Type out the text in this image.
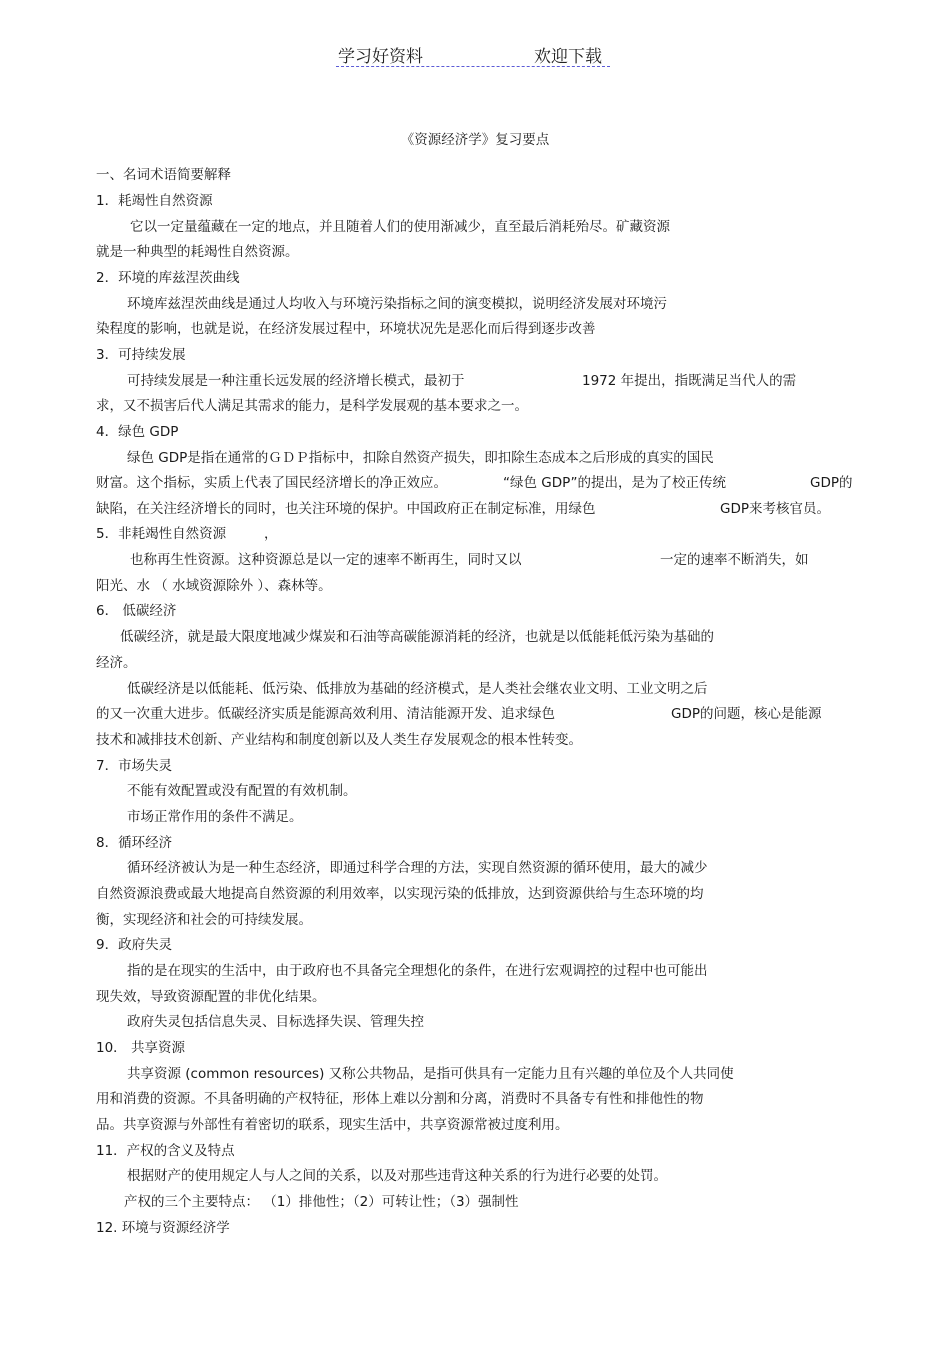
学习好资料	欢迎下载
《资源经济学》复习要点
一、名词术语简要解释
1．耗竭性自然资源
它以一定量蕴藏在一定的地点，并且随着人们的使用渐减少，直至最后消耗殆尽。矿藏资源
就是一种典型的耗竭性自然资源。
2．环境的库兹涅茨曲线
环境库兹涅茨曲线是通过人均收入与环境污染指标之间的演变模拟，说明经济发展对环境污
染程度的影响，也就是说，在经济发展过程中，环境状况先是恶化而后得到逐步改善
3．可持续发展
可持续发展是一种注重长远发展的经济增长模式，最初于	1972 年提出，指既满足当代人的需
求，又不损害后代人满足其需求的能力，是科学发展观的基本要求之一。
4．绿色 GDP
绿色 GDP是指在通常的ＧＤＰ指标中，扣除自然资产损失，即扣除生态成本之后形成的真实的国民
财富。这个指标，实质上代表了国民经济增长的净正效应。	“绿色 GDP”的提出，是为了校正传统	GDP的
缺陷，在关注经济增长的同时，也关注环境的保护。中国政府正在制定标准，用绿色	GDP来考核官员。
5．非耗竭性自然资源	，
也称再生性资源。这种资源总是以一定的速率不断再生，同时又以	一定的速率不断消失，如
阳光、水 （ 水域资源除外 ）、森林等。
6． 低碳经济
低碳经济，就是最大限度地减少煤炭和石油等高碳能源消耗的经济，也就是以低能耗低污染为基础的
经济。
低碳经济是以低能耗、低污染、低排放为基础的经济模式，是人类社会继农业文明、工业文明之后
的又一次重大进步。低碳经济实质是能源高效利用、清洁能源开发、追求绿色	GDP的问题，核心是能源
技术和减排技术创新、产业结构和制度创新以及人类生存发展观念的根本性转变。
7．市场失灵
不能有效配置或没有配置的有效机制。
市场正常作用的条件不满足。
8．循环经济
循环经济被认为是一种生态经济，即通过科学合理的方法，实现自然资源的循环使用，最大的减少
自然资源浪费或最大地提高自然资源的利用效率，以实现污染的低排放，达到资源供给与生态环境的均
衡，实现经济和社会的可持续发展。
9．政府失灵
指的是在现实的生活中，由于政府也不具备完全理想化的条件，在进行宏观调控的过程中也可能出
现失效，导致资源配置的非优化结果。
政府失灵包括信息失灵、目标选择失误、管理失控
10． 共享资源
共享资源 (common resources) 又称公共物品，是指可供具有一定能力且有兴趣的单位及个人共同使
用和消费的资源。不具备明确的产权特征，形体上难以分割和分离，消费时不具备专有性和排他性的物
品。共享资源与外部性有着密切的联系，现实生活中，共享资源常被过度利用。
11．产权的含义及特点
根据财产的使用规定人与人之间的关系，以及对那些违背这种关系的行为进行必要的处罚。
产权的三个主要特点： （1）排他性；（2）可转让性；（3）强制性
12. 环境与资源经济学
